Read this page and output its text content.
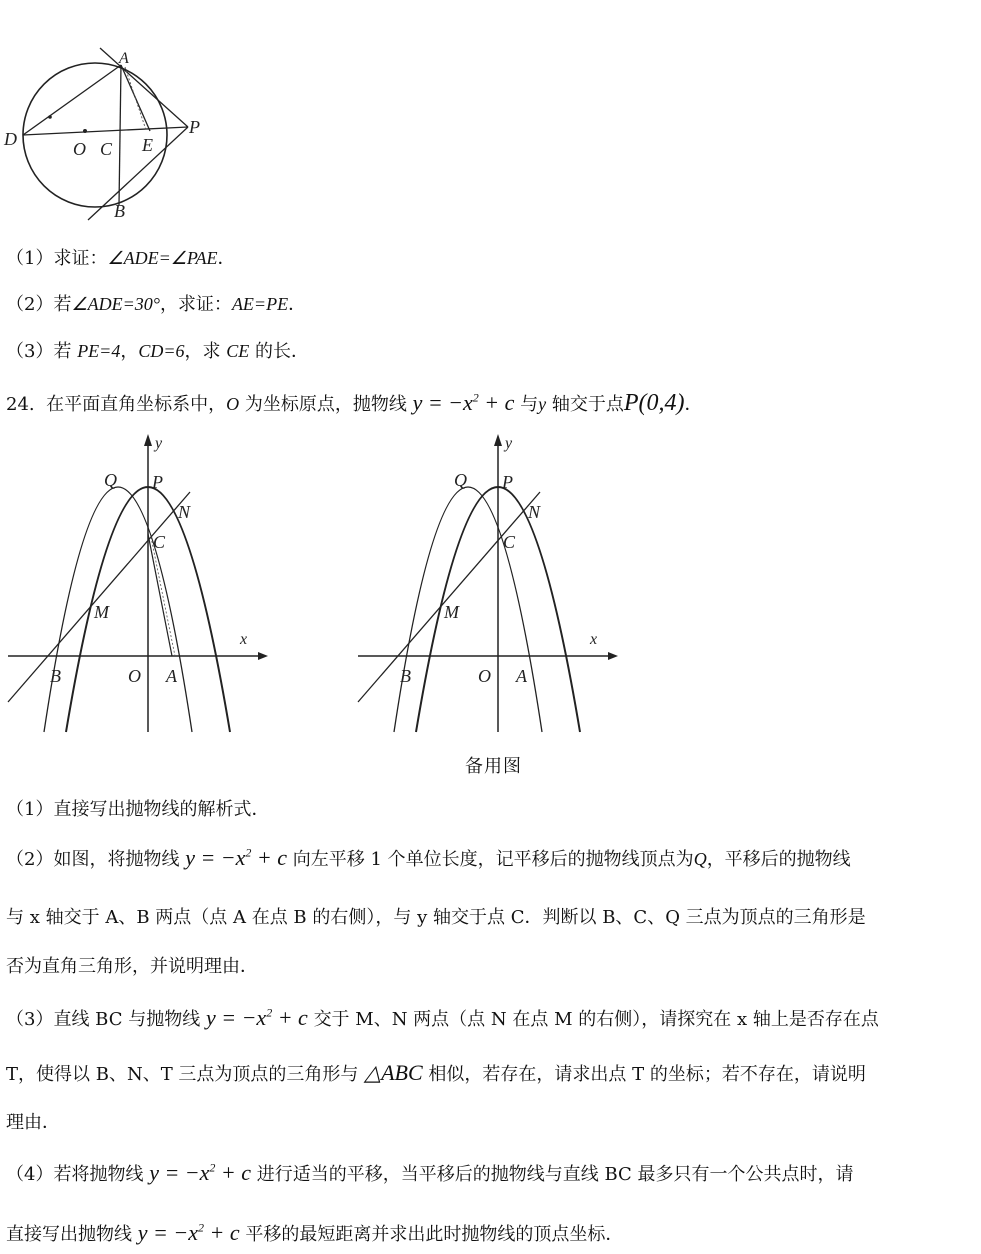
A
D	O C E
P
B
（1）求证：∠ADE=∠PAE．
（2）若∠ADE=30°，求证：AE=PE．
（3）若 PE=4，CD=6，求 CE 的长．
24. 在平面直角坐标系中，O 为坐标原点，抛物线 $y = -x^2 + c$ 与y 轴交于点P(0,4)．
y
x
Q P
N
C
M
B	O A
y
x
Q P
N
C
M
B	O A
备用图
（1）直接写出抛物线的解析式．
（2）如图，将抛物线 $y = -x^2 + c$ 向左平移 1 个单位长度，记平移后的抛物线顶点为Q，平移后的抛物线
与 x 轴交于 A、B 两点（点 A 在点 B 的右侧），与 y 轴交于点 C．判断以 B、C、Q 三点为顶点的三角形是
否为直角三角形，并说明理由．
（3）直线 BC 与抛物线 $y = -x^2 + c$ 交于 M、N 两点（点 N 在点 M 的右侧），请探究在 x 轴上是否存在点
T，使得以 B、N、T 三点为顶点的三角形与 △ABC 相似，若存在，请求出点 T 的坐标；若不存在，请说明
理由．
（4）若将抛物线 $y = -x^2 + c$ 进行适当的平移，当平移后的抛物线与直线 BC 最多只有一个公共点时，请
直接写出抛物线 $y = -x^2 + c$ 平移的最短距离并求出此时抛物线的顶点坐标．
